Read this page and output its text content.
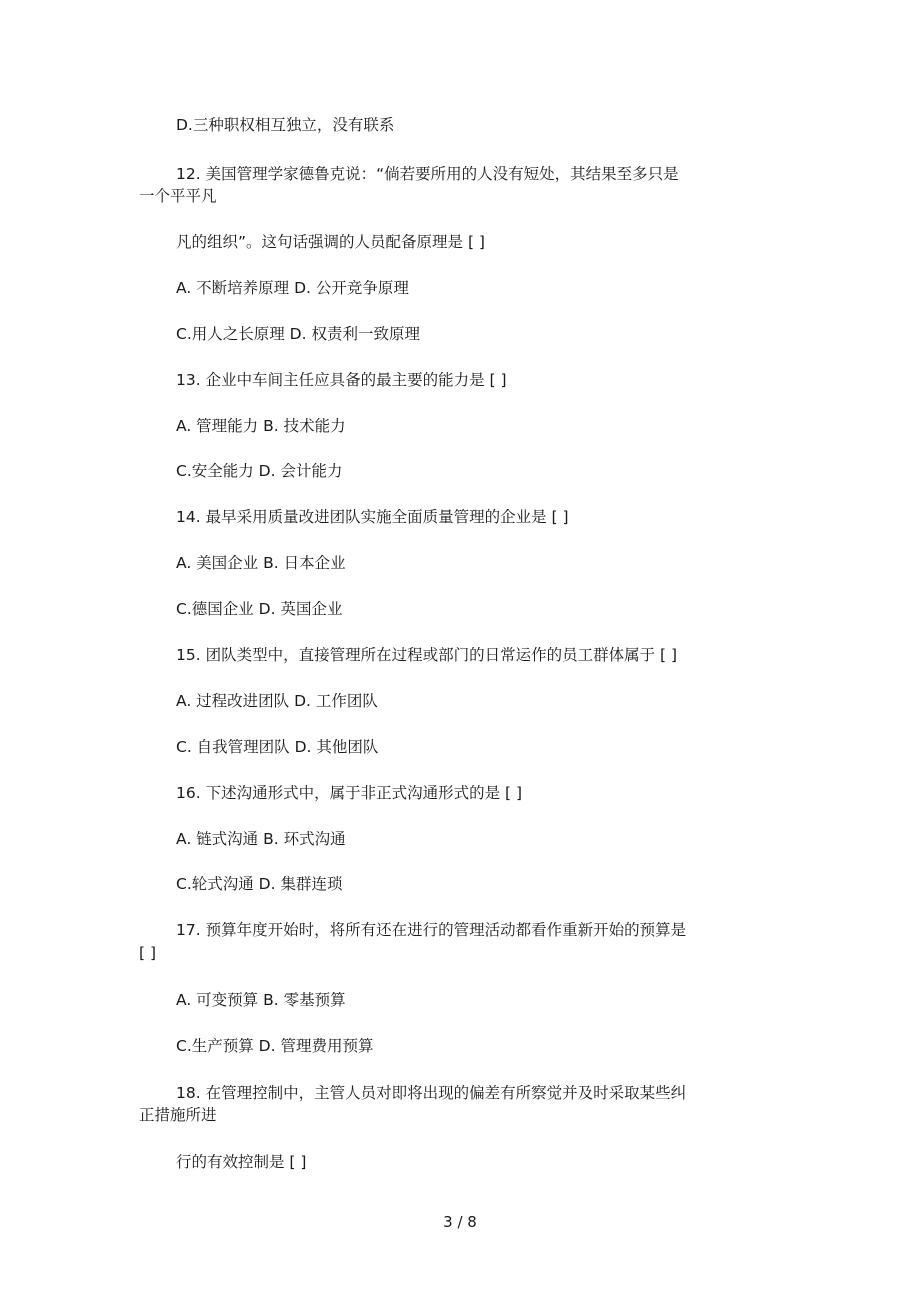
D.三种职权相互独立，没有联系
12. 美国管理学家德鲁克说：“倘若要所用的人没有短处，其结果至多只是
一个平平凡
凡的组织”。这句话强调的人员配备原理是 [ ]
A. 不断培养原理 D. 公开竞争原理
C.用人之长原理 D. 权责利一致原理
13. 企业中车间主任应具备的最主要的能力是 [ ]
A. 管理能力 B. 技术能力
C.安全能力 D. 会计能力
14. 最早采用质量改进团队实施全面质量管理的企业是 [ ]
A. 美国企业 B. 日本企业
C.德国企业 D. 英国企业
15. 团队类型中，直接管理所在过程或部门的日常运作的员工群体属于 [ ]
A. 过程改进团队 D. 工作团队
C. 自我管理团队 D. 其他团队
16. 下述沟通形式中，属于非正式沟通形式的是 [ ]
A. 链式沟通 B. 环式沟通
C.轮式沟通 D. 集群连琐
17. 预算年度开始时，将所有还在进行的管理活动都看作重新开始的预算是
[ ]
A. 可变预算 B. 零基预算
C.生产预算 D. 管理费用预算
18. 在管理控制中，主管人员对即将出现的偏差有所察觉并及时采取某些纠
正措施所进
行的有效控制是 [ ]
3 / 8
